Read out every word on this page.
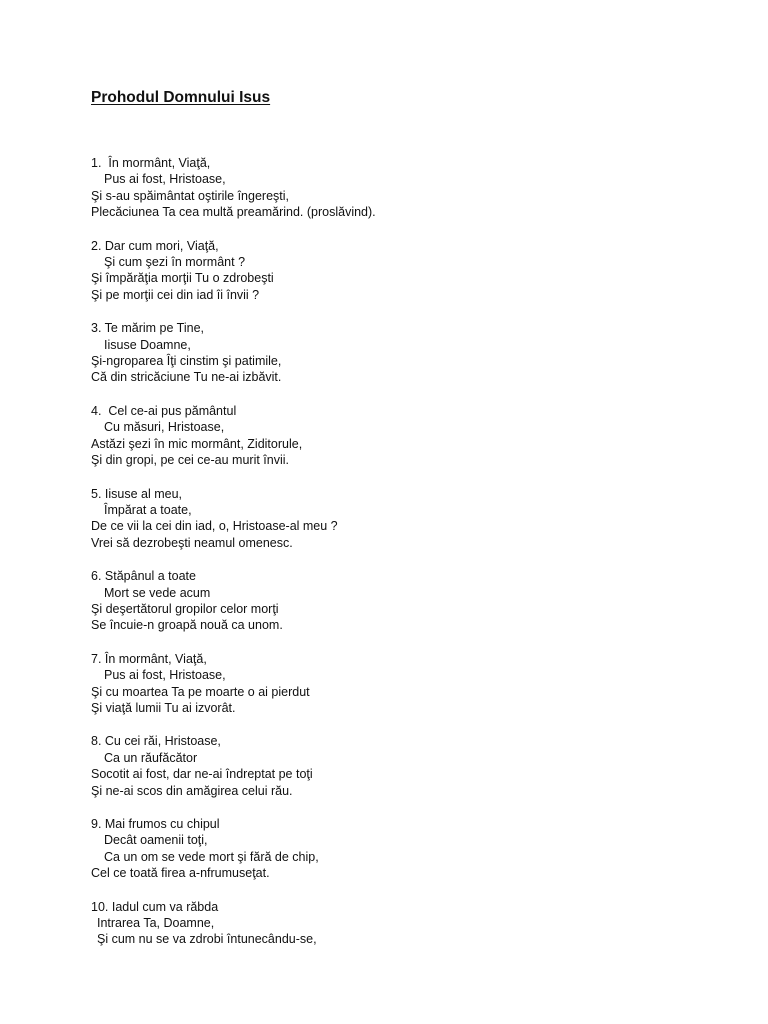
Prohodul Domnului Isus
1.  În mormânt, Viaţă,
Pus ai fost, Hristoase,
Şi s-au spăimântat oştirile îngereşti,
Plecăciunea Ta cea multă preamărind. (proslăvind).
2. Dar cum mori, Viaţă,
Şi cum şezi în mormânt ?
Şi împărăţia morţii Tu o zdrobeşti
Şi pe morţii cei din iad îi învii ?
3. Te mărim pe Tine,
Iisuse Doamne,
Şi-ngroparea Îţi cinstim şi patimile,
Că din stricăciune Tu ne-ai izbăvit.
4.  Cel ce-ai pus pământul
Cu măsuri, Hristoase,
Astăzi şezi în mic mormânt, Ziditorule,
Şi din gropi, pe cei ce-au murit învii.
5. Iisuse al meu,
Împărat a toate,
De ce vii la cei din iad, o, Hristoase-al meu ?
Vrei să dezrobeşti neamul omenesc.
6. Stăpânul a toate
Mort se vede acum
Şi deşertătorul gropilor celor morţi
Se încuie-n groapă nouă ca unom.
7. În mormânt, Viaţă,
Pus ai fost, Hristoase,
Şi cu moartea Ta pe moarte o ai pierdut
Şi viaţă lumii Tu ai izvorât.
8. Cu cei răi, Hristoase,
Ca un răufăcător
Socotit ai fost, dar ne-ai îndreptat pe toţi
Şi ne-ai scos din amăgirea celui rău.
9. Mai frumos cu chipul
Decât oamenii toţi,
Ca un om se vede mort şi fără de chip,
Cel ce toată firea a-nfrumuseţat.
10. Iadul cum va răbda
Intrarea Ta, Doamne,
Şi cum nu se va zdrobi întunecându-se,
